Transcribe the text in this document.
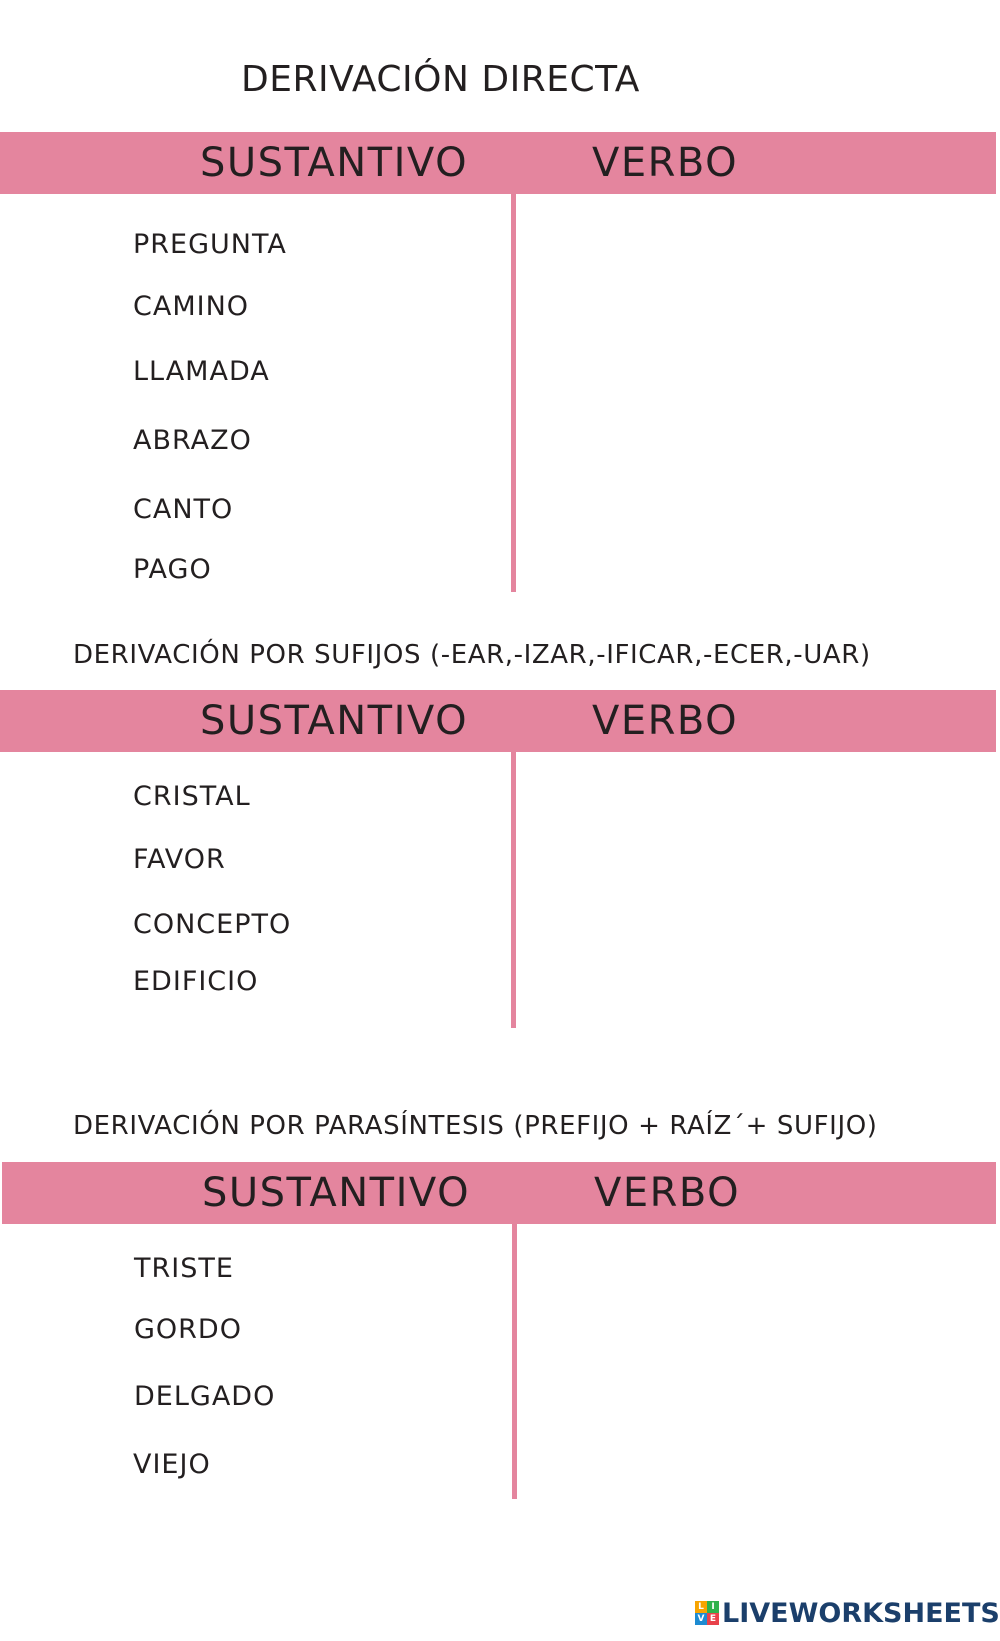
DERIVACIÓN DIRECTA
SUSTANTIVO	VERBO
PREGUNTA
CAMINO
LLAMADA
ABRAZO
CANTO
PAGO
DERIVACIÓN POR SUFIJOS (-EAR,-IZAR,-IFICAR,-ECER,-UAR)
SUSTANTIVO	VERBO
CRISTAL
FAVOR
CONCEPTO
EDIFICIO
DERIVACIÓN POR PARASÍNTESIS (PREFIJO + RAÍZ´+ SUFIJO)
SUSTANTIVO	VERBO
TRISTE
GORDO
DELGADO
VIEJO
L I
V E LIVEWORKSHEETS
